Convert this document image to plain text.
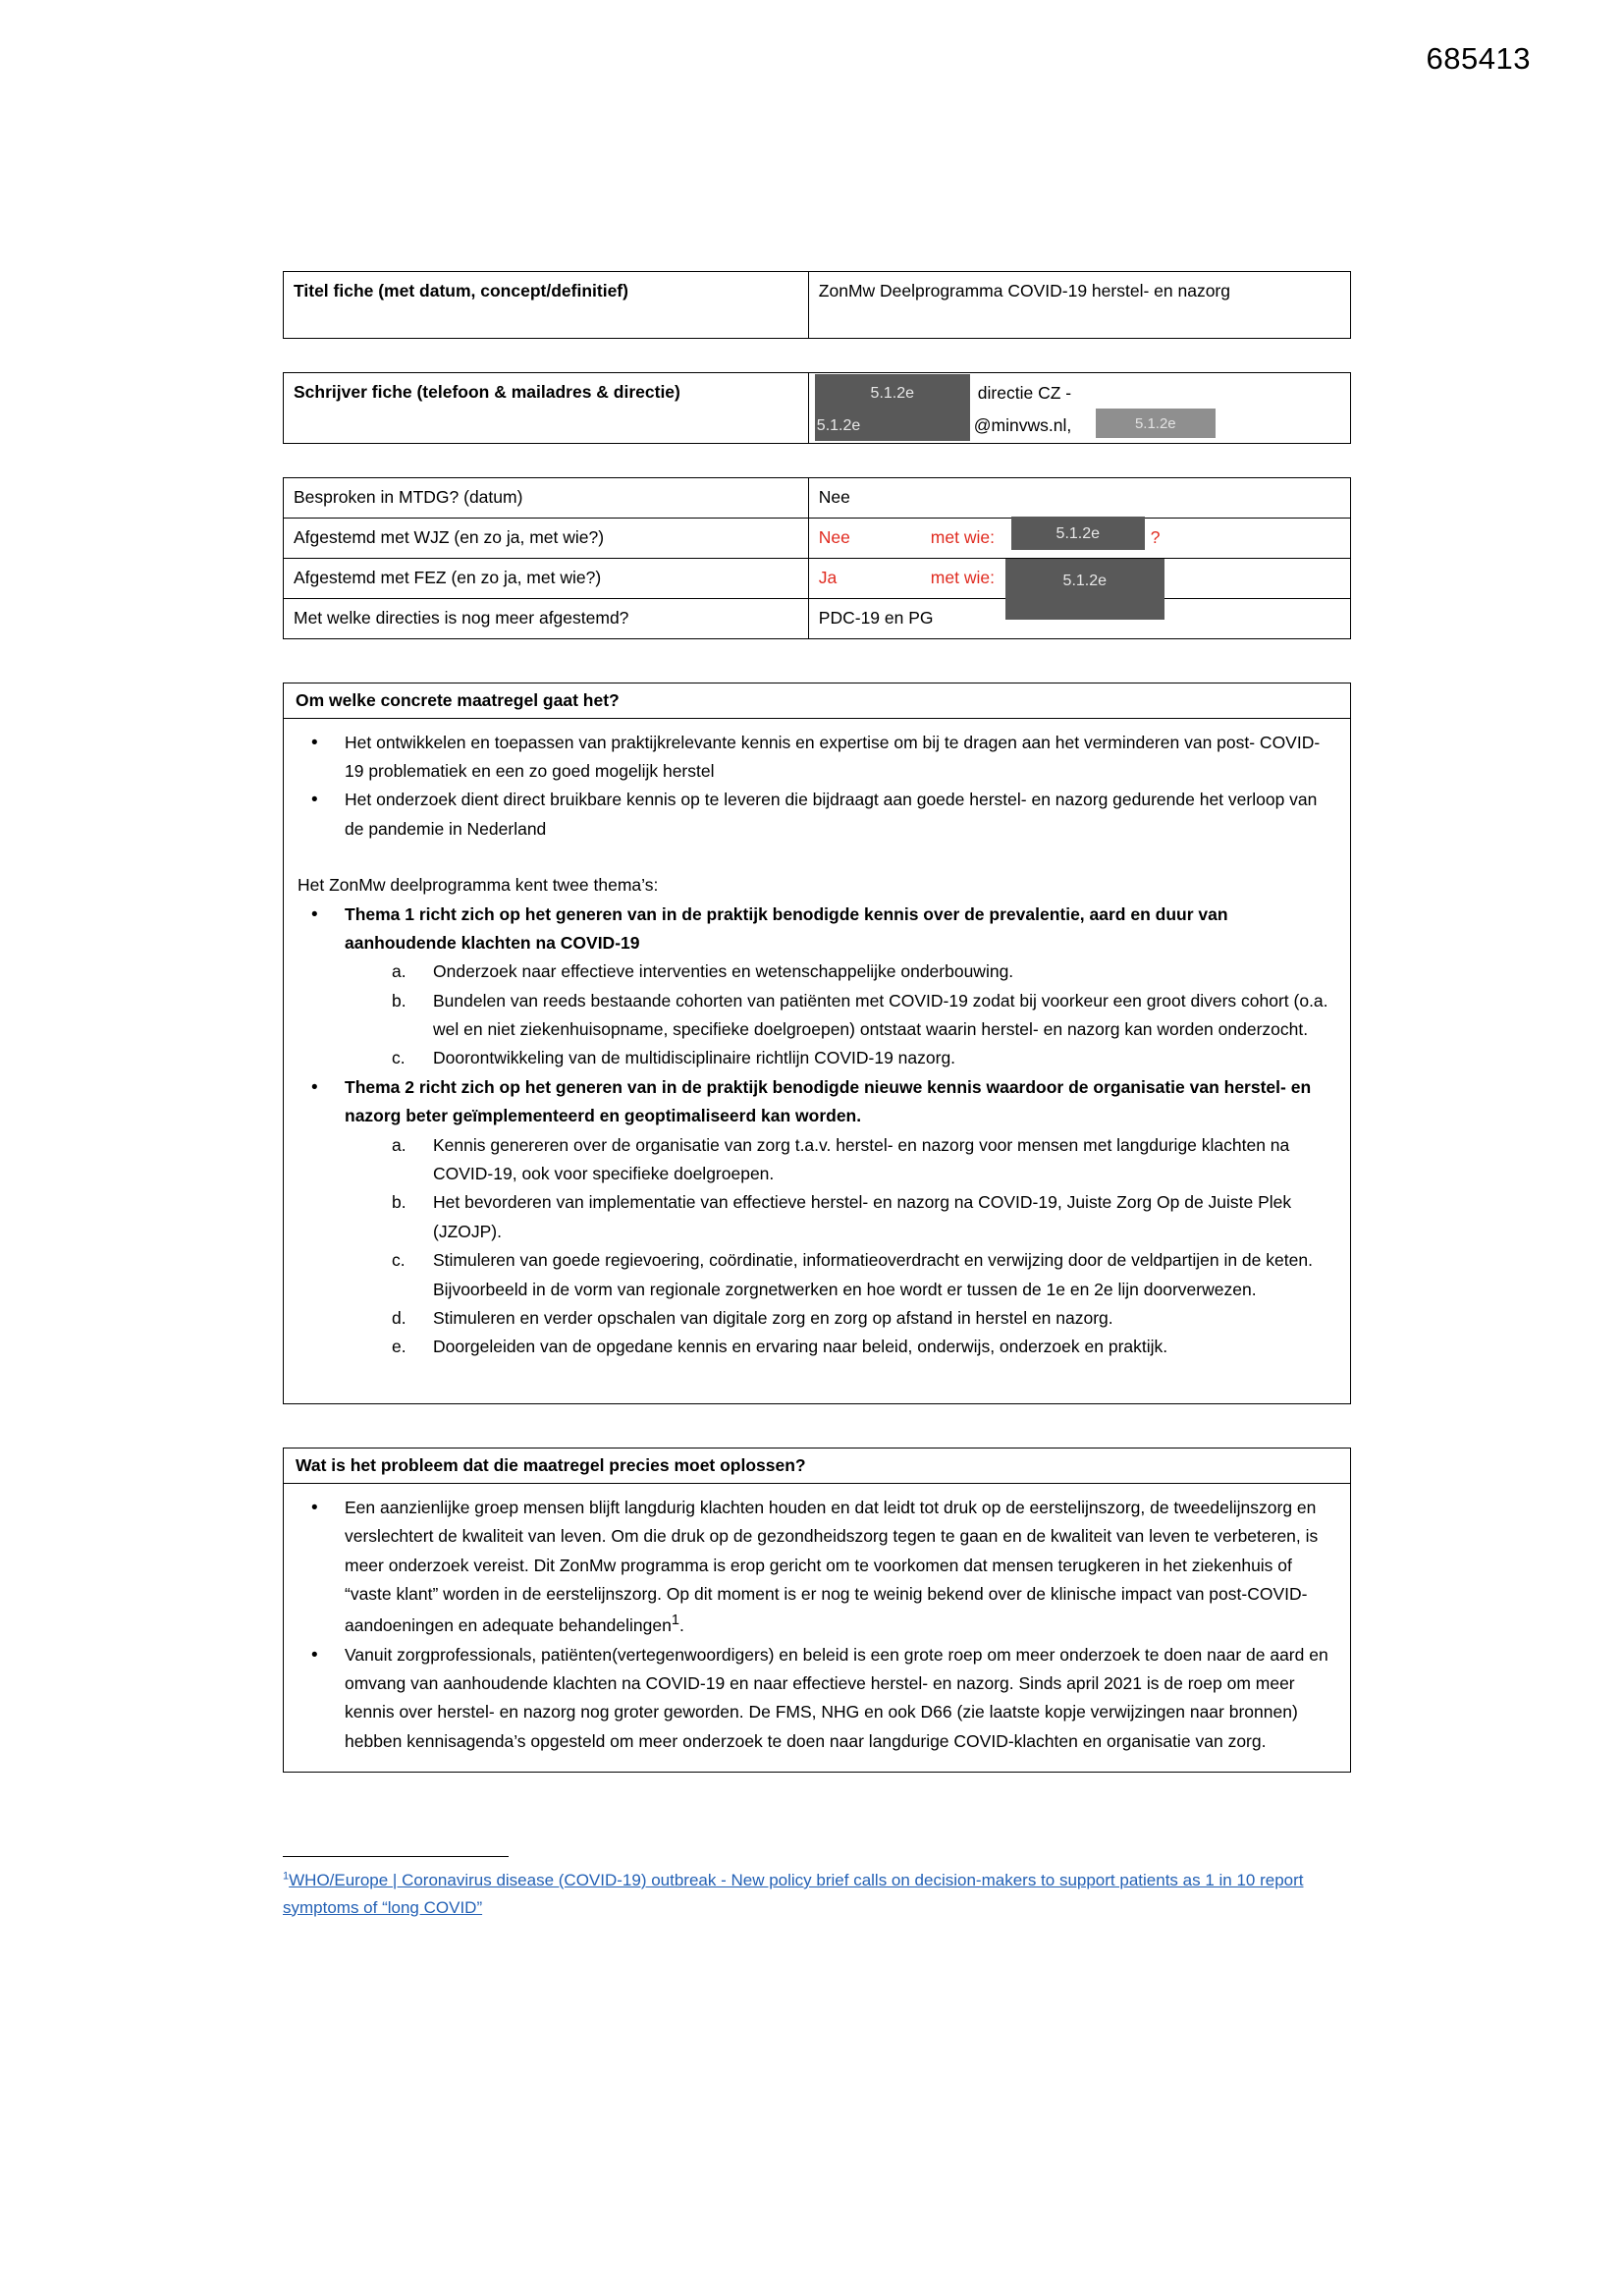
685413
Titel fiche (met datum, concept/definitief)	ZonMw Deelprogramma COVID-19 herstel- en nazorg
Schrijver fiche (telefoon & mailadres & directie)	5.1.2e
5.1.2e
directie CZ -
@minvws.nl,	5.1.2e
Besproken in MTDG? (datum)	Nee
Afgestemd met WJZ (en zo ja, met wie?)	Nee met wie: 5.1.2e ?

Afgestemd met FEZ (en zo ja, met wie?)	Ja met wie: 5.1.2e

Met welke directies is nog meer afgestemd?	PDC-19 en PG
Om welke concrete maatregel gaat het?
• Het ontwikkelen en toepassen van praktijkrelevante kennis en expertise om bij te dragen aan het verminderen van post- COVID-19 problematiek en een zo goed mogelijk herstel
• Het onderzoek dient direct bruikbare kennis op te leveren die bijdraagt aan goede herstel- en nazorg gedurende het verloop van de pandemie in Nederland
Het ZonMw deelprogramma kent twee thema’s:
• Thema 1 richt zich op het generen van in de praktijk benodigde kennis over de prevalentie, aard en duur van aanhoudende klachten na COVID-19
a. Onderzoek naar effectieve interventies en wetenschappelijke onderbouwing.
b. Bundelen van reeds bestaande cohorten van patiënten met COVID-19 zodat bij voorkeur een groot divers cohort (o.a. wel en niet ziekenhuisopname, specifieke doelgroepen) ontstaat waarin herstel- en nazorg kan worden onderzocht.
c. Doorontwikkeling van de multidisciplinaire richtlijn COVID-19 nazorg.
• Thema 2 richt zich op het generen van in de praktijk benodigde nieuwe kennis waardoor de organisatie van herstel- en nazorg beter geïmplementeerd en geoptimaliseerd kan worden.
a. Kennis genereren over de organisatie van zorg t.a.v. herstel- en nazorg voor mensen met langdurige klachten na COVID-19, ook voor specifieke doelgroepen.
b. Het bevorderen van implementatie van effectieve herstel- en nazorg na COVID-19, Juiste Zorg Op de Juiste Plek (JZOJP).
c. Stimuleren van goede regievoering, coördinatie, informatieoverdracht en verwijzing door de veldpartijen in de keten. Bijvoorbeeld in de vorm van regionale zorgnetwerken en hoe wordt er tussen de 1e en 2e lijn doorverwezen.
d. Stimuleren en verder opschalen van digitale zorg en zorg op afstand in herstel en nazorg.
e. Doorgeleiden van de opgedane kennis en ervaring naar beleid, onderwijs, onderzoek en praktijk.
Wat is het probleem dat die maatregel precies moet oplossen?
• Een aanzienlijke groep mensen blijft langdurig klachten houden en dat leidt tot druk op de eerstelijnszorg, de tweedelijnszorg en verslechtert de kwaliteit van leven. Om die druk op de gezondheidszorg tegen te gaan en de kwaliteit van leven te verbeteren, is meer onderzoek vereist. Dit ZonMw programma is erop gericht om te voorkomen dat mensen terugkeren in het ziekenhuis of “vaste klant” worden in de eerstelijnszorg. Op dit moment is er nog te weinig bekend over de klinische impact van post-COVID-aandoeningen en adequate behandelingen$^1$.
• Vanuit zorgprofessionals, patiënten(vertegenwoordigers) en beleid is een grote roep om meer onderzoek te doen naar de aard en omvang van aanhoudende klachten na COVID-19 en naar effectieve herstel- en nazorg. Sinds april 2021 is de roep om meer kennis over herstel- en nazorg nog groter geworden. De FMS, NHG en ook D66 (zie laatste kopje verwijzingen naar bronnen) hebben kennisagenda’s opgesteld om meer onderzoek te doen naar langdurige COVID-klachten en organisatie van zorg.
$^1$WHO/Europe | Coronavirus disease (COVID-19) outbreak - New policy brief calls on decision-makers to support patients as 1 in 10 report symptoms of “long COVID”
